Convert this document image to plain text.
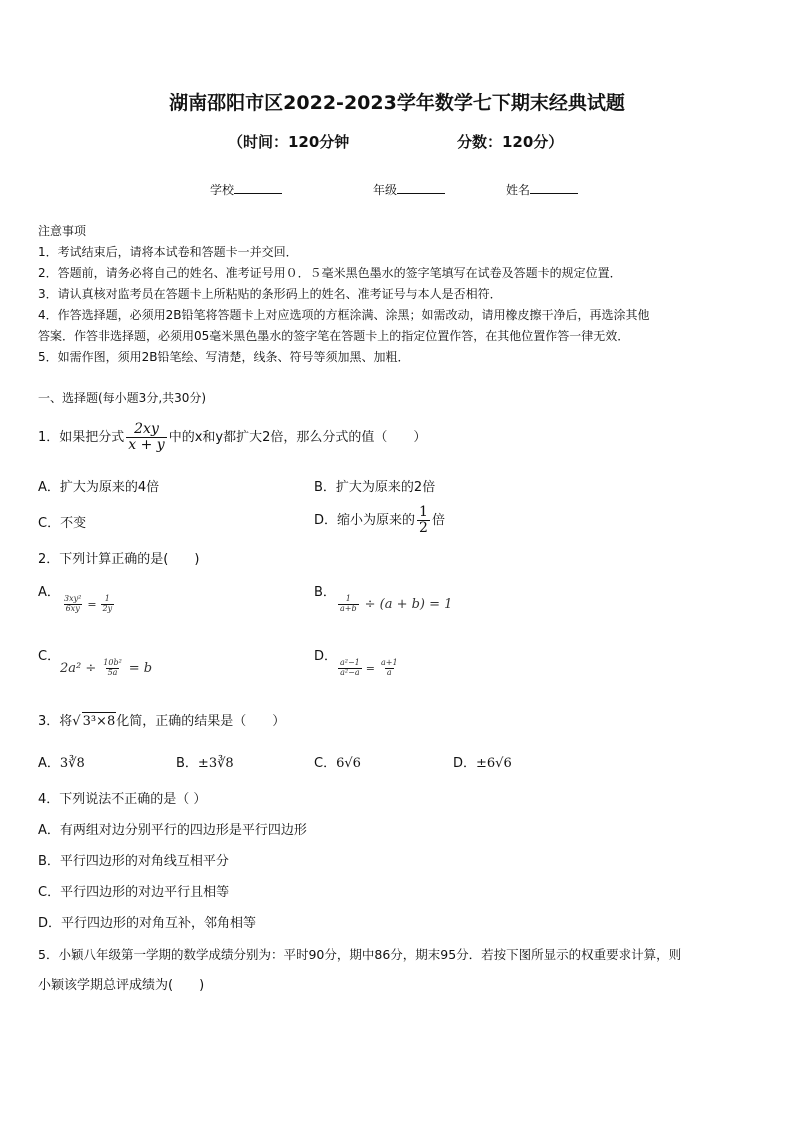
湖南邵阳市区2022-2023学年数学七下期末经典试题
（时间：120分钟	分数：120分）
学校	年级	姓名
注意事项
1．考试结束后，请将本试卷和答题卡一并交回．
2．答题前，请务必将自己的姓名、准考证号用０．５毫米黑色墨水的签字笔填写在试卷及答题卡的规定位置．
3．请认真核对监考员在答题卡上所粘贴的条形码上的姓名、准考证号与本人是否相符．
4．作答选择题，必须用2B铅笔将答题卡上对应选项的方框涂满、涂黑；如需改动，请用橡皮擦干净后，再选涂其他
答案．作答非选择题，必须用05毫米黑色墨水的签字笔在答题卡上的指定位置作答，在其他位置作答一律无效．
5．如需作图，须用2B铅笔绘、写清楚，线条、符号等须加黑、加粗．
一、选择题(每小题3分,共30分)
1．如果把分式 $\frac{2xy}{x + y}$ 中的x和y都扩大2倍，那么分式的值（　　）
A．扩大为原来的4倍	B．扩大为原来的2倍
C．不变	D．缩小为原来的 $\frac{1}{2}$ 倍
2．下列计算正确的是(　　)
A．
$\frac{\text{3xy²}}{6xy} = \frac{1}{2y}$
B．
$\frac{1}{a+b} \div (a + b) = 1$
C．
$2a^2 \div \frac{\text{10b²}}{5a} = b$
D．
$\frac{\text{a²−1}}{\text{a²−a}} = \frac{a+1}{a}$
3．将 √ 3³×8 化简，正确的结果是（　　）
A．3∛8	B．±3∛8	C．6√6	D．±6√6
4．下列说法不正确的是（ ）
A．有两组对边分别平行的四边形是平行四边形
B．平行四边形的对角线互相平分
C．平行四边形的对边平行且相等
D．平行四边形的对角互补，邻角相等
5．小颖八年级第一学期的数学成绩分别为：平时90分，期中86分，期末95分．若按下图所显示的权重要求计算，则
小颖该学期总评成绩为(　　)
